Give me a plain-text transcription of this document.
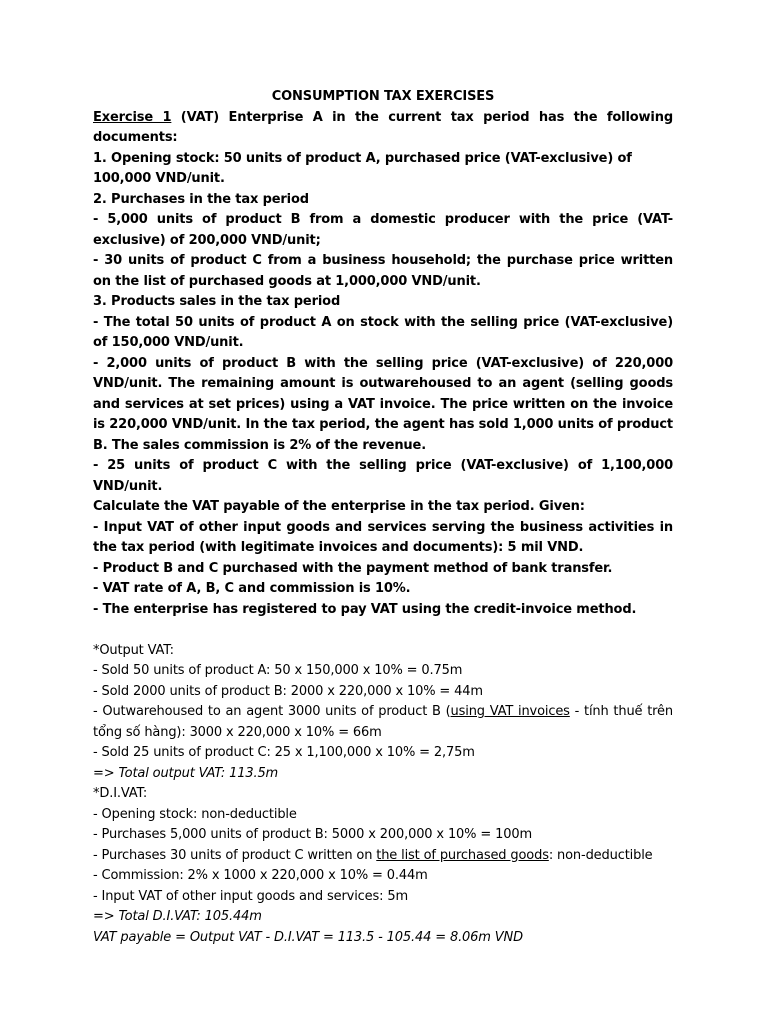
CONSUMPTION TAX EXERCISES

Exercise 1 (VAT) Enterprise A in the current tax period has the following documents:

1. Opening stock: 50 units of product A, purchased price (VAT-exclusive) of

100,000 VND/unit.

2. Purchases in the tax period

- 5,000 units of product B from a domestic producer with the price (VAT-exclusive) of 200,000 VND/unit;

- 30 units of product C from a business household; the purchase price written on the list of purchased goods at 1,000,000 VND/unit.

3. Products sales in the tax period

- The total 50 units of product A on stock with the selling price (VAT-exclusive) of 150,000 VND/unit.

- 2,000 units of product B with the selling price (VAT-exclusive) of 220,000 VND/unit. The remaining amount is outwarehoused to an agent (selling goods and services at set prices) using a VAT invoice. The price written on the invoice is 220,000 VND/unit. In the tax period, the agent has sold 1,000 units of product B. The sales commission is 2% of the revenue.

- 25 units of product C with the selling price (VAT-exclusive) of 1,100,000 VND/unit.

Calculate the VAT payable of the enterprise in the tax period. Given:

- Input VAT of other input goods and services serving the business activities in the tax period (with legitimate invoices and documents): 5 mil VND.

- Product B and C purchased with the payment method of bank transfer.

- VAT rate of A, B, C and commission is 10%.

- The enterprise has registered to pay VAT using the credit-invoice method.

*Output VAT:

- Sold 50 units of product A: 50 x 150,000 x 10% = 0.75m

- Sold 2000 units of product B: 2000 x 220,000 x 10% = 44m

- Outwarehoused to an agent 3000 units of product B (using VAT invoices - tính thuế trên tổng số hàng): 3000 x 220,000 x 10% = 66m

- Sold 25 units of product C: 25 x 1,100,000 x 10% = 2,75m

=> Total output VAT: 113.5m

*D.I.VAT:

- Opening stock: non-deductible

- Purchases 5,000 units of product B: 5000 x 200,000 x 10% = 100m

- Purchases 30 units of product C written on the list of purchased goods: non-deductible

- Commission: 2% x 1000 x 220,000 x 10% = 0.44m

- Input VAT of other input goods and services: 5m

=> Total D.I.VAT: 105.44m

VAT payable = Output VAT - D.I.VAT = 113.5 - 105.44 = 8.06m VND
